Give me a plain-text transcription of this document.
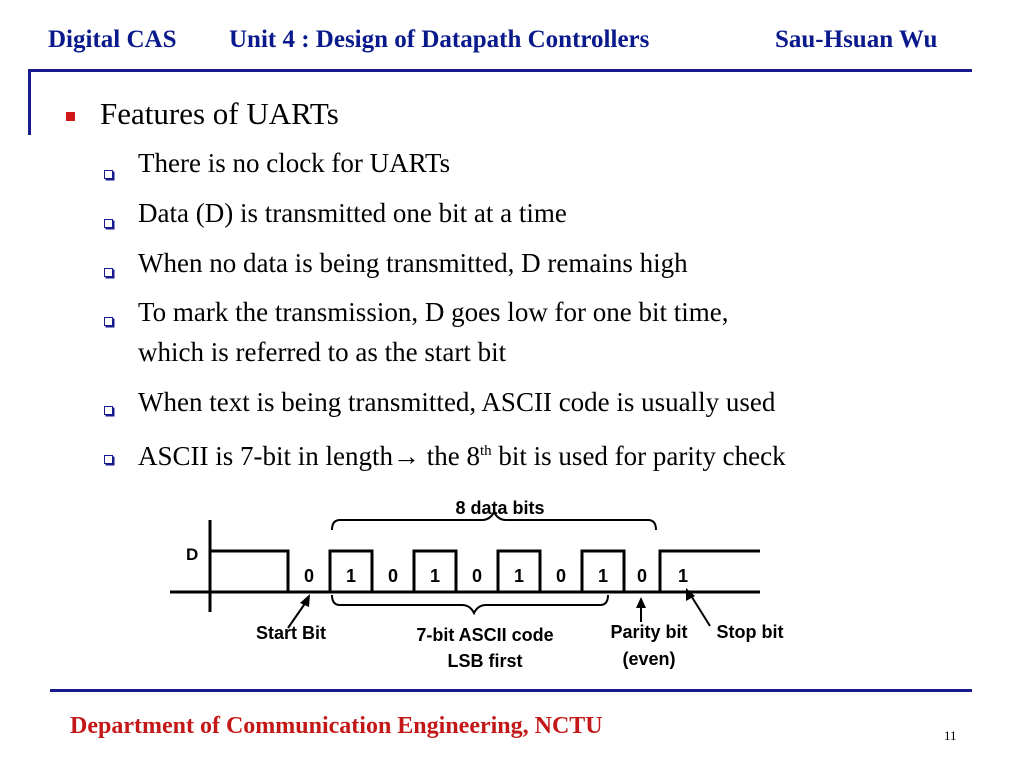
Digital CAS Unit 4 : Design of Datapath Controllers	Sau-Hsuan Wu
Features of UARTs
There is no clock for UARTs
Data (D) is transmitted one bit at a time
When no data is being transmitted, D remains high
To mark the transmission, D goes low for one bit time,
which is referred to as the start bit
When text is being transmitted, ASCII code is usually used
ASCII is 7-bit in length→ the 8th bit is used for parity check
D
0 1 0 1 0 1 0 1 0 1
8 data bits
Start Bit	7-bit ASCII code
LSB first
Parity bit
(even)
Stop bit
Department of Communication Engineering, NCTU	11
